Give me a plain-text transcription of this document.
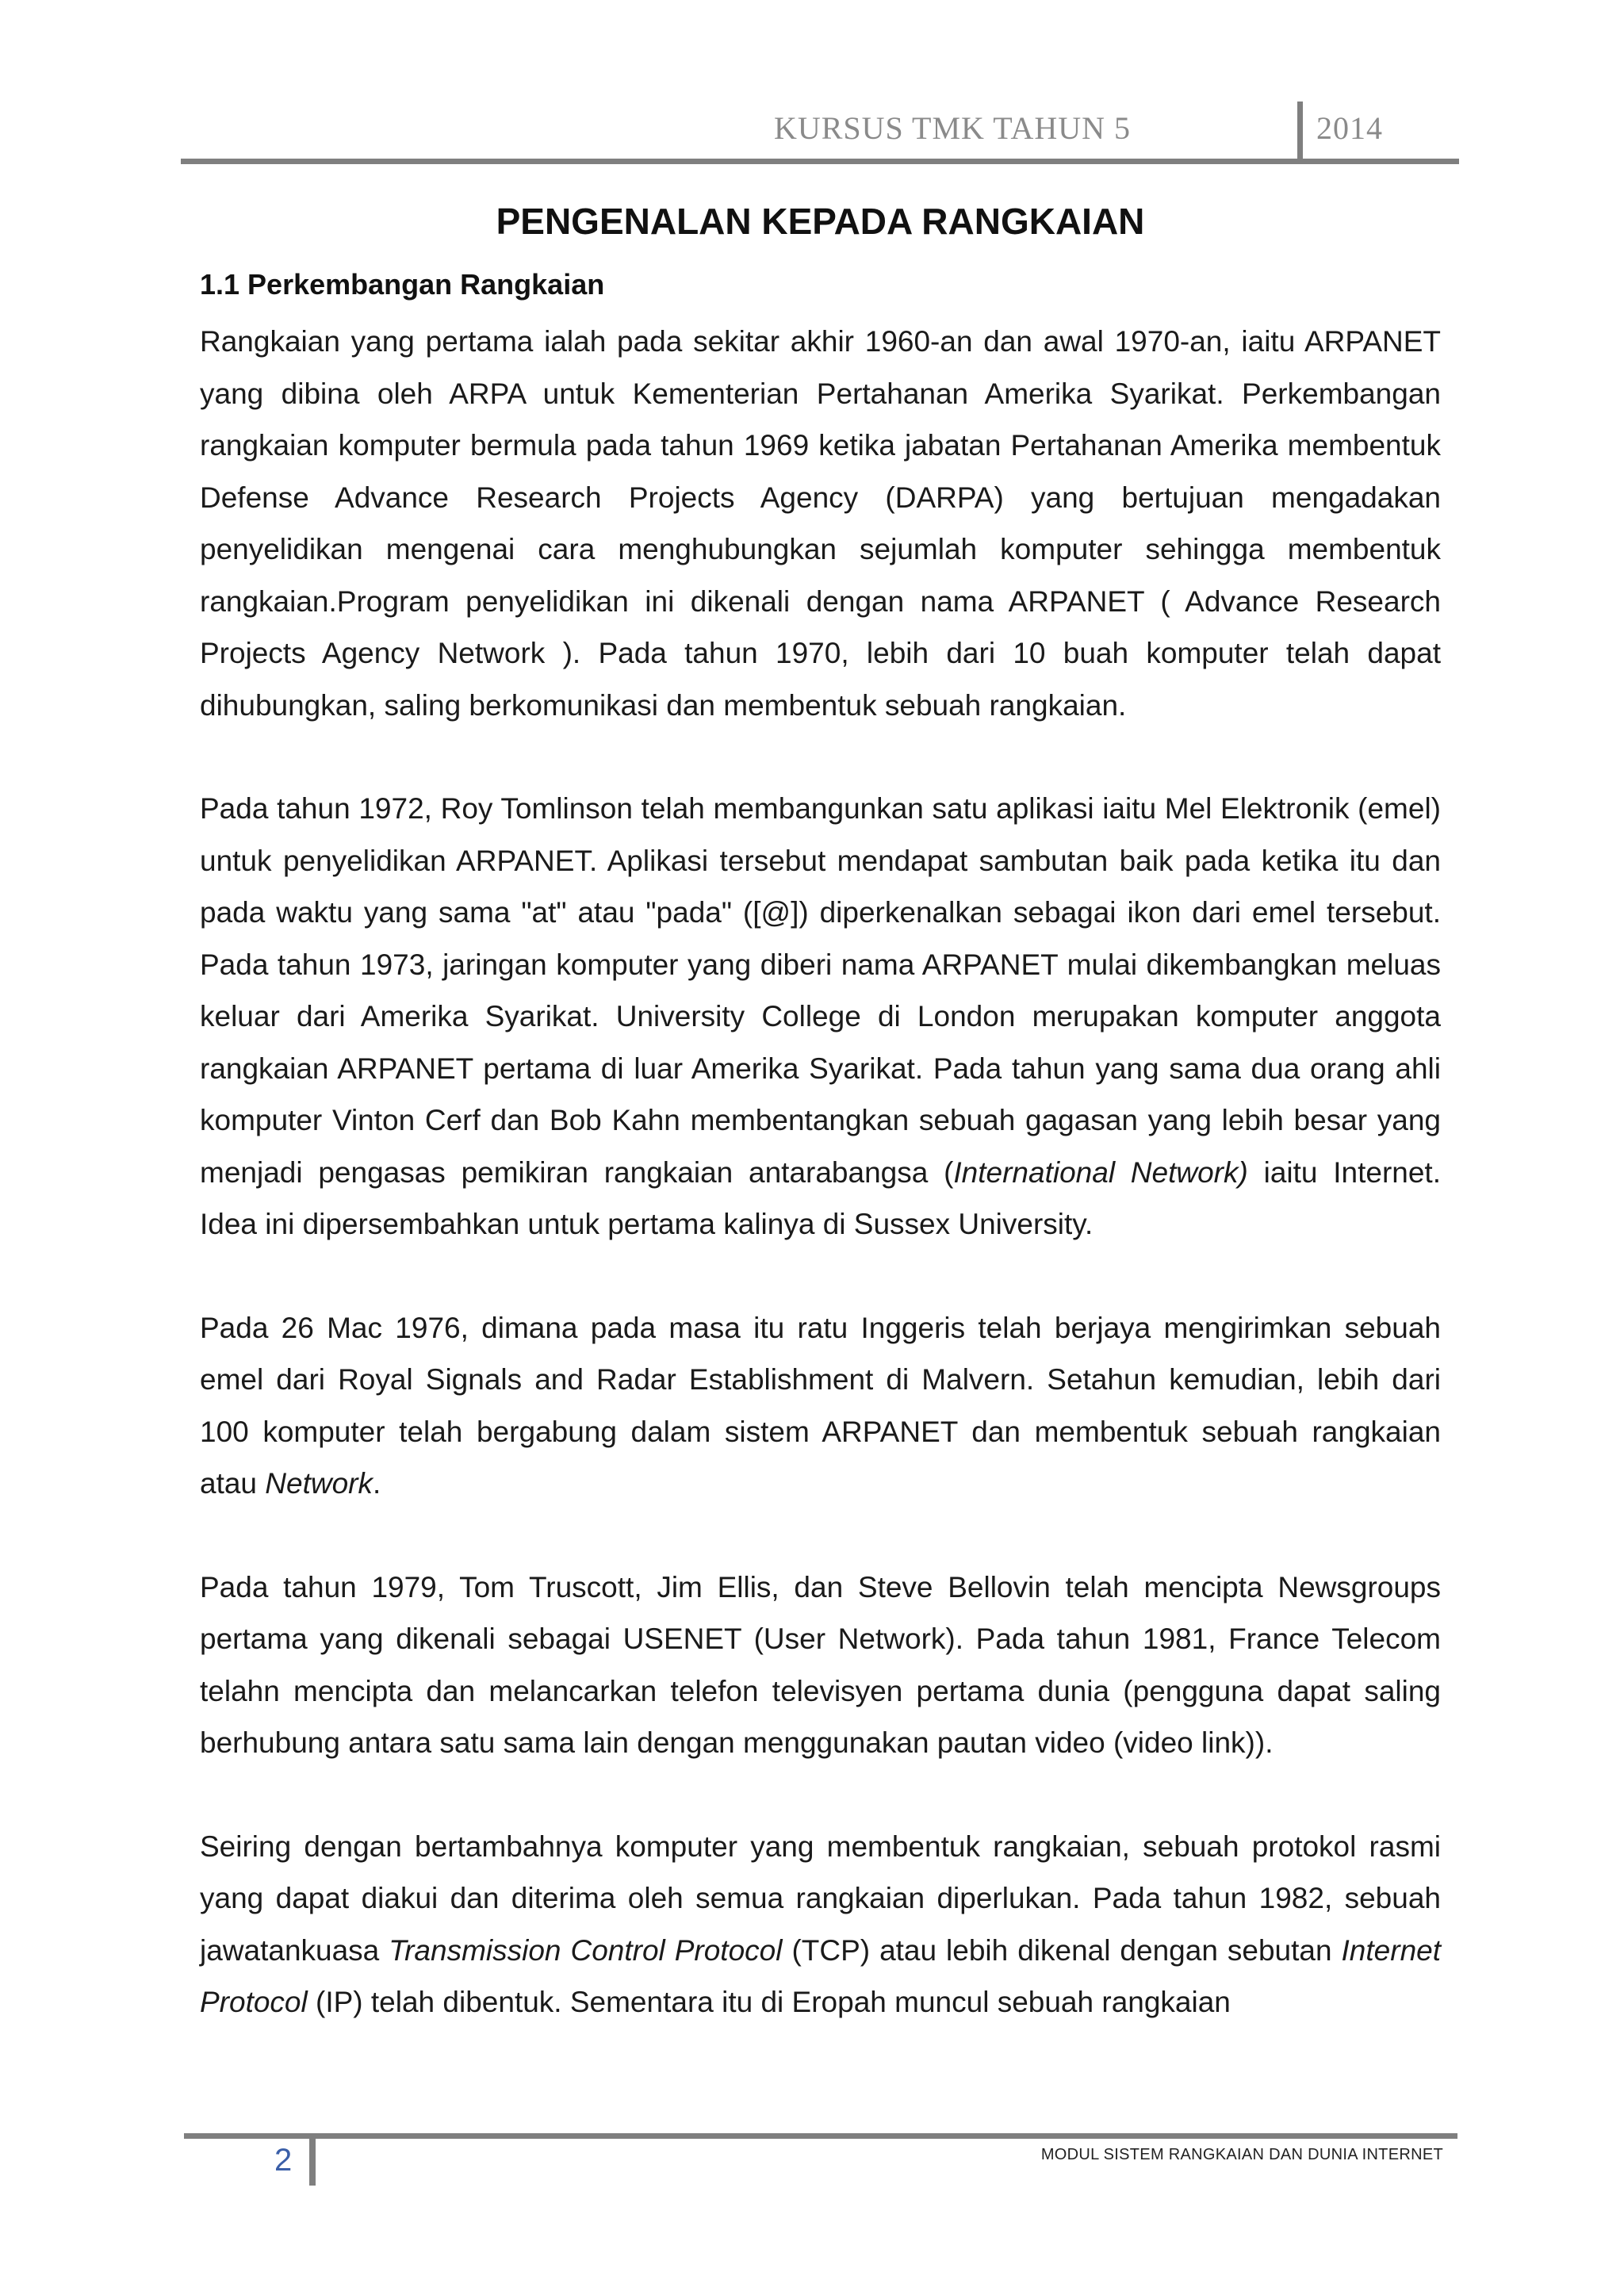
KURSUS TMK TAHUN 5	2014
PENGENALAN KEPADA RANGKAIAN
1.1 Perkembangan Rangkaian

Rangkaian yang pertama ialah pada sekitar akhir 1960-an dan awal 1970-an, iaitu ARPANET yang dibina oleh ARPA untuk Kementerian Pertahanan Amerika Syarikat. Perkembangan rangkaian komputer bermula pada tahun 1969 ketika jabatan Pertahanan Amerika membentuk Defense Advance Research Projects Agency (DARPA) yang bertujuan mengadakan penyelidikan mengenai cara menghubungkan sejumlah komputer sehingga membentuk rangkaian.Program penyelidikan ini dikenali dengan nama ARPANET ( Advance Research Projects Agency Network ). Pada tahun 1970, lebih dari 10 buah komputer telah dapat dihubungkan, saling berkomunikasi dan membentuk sebuah rangkaian.

Pada tahun 1972, Roy Tomlinson telah membangunkan satu aplikasi iaitu Mel Elektronik (emel) untuk penyelidikan ARPANET. Aplikasi tersebut mendapat sambutan baik pada ketika itu dan pada waktu yang sama "at" atau "pada" ([@]) diperkenalkan sebagai ikon dari emel tersebut. Pada tahun 1973, jaringan komputer yang diberi nama ARPANET mulai dikembangkan meluas keluar dari Amerika Syarikat. University College di London merupakan komputer anggota rangkaian ARPANET pertama di luar Amerika Syarikat. Pada tahun yang sama dua orang ahli komputer Vinton Cerf dan Bob Kahn membentangkan sebuah gagasan yang lebih besar yang menjadi pengasas pemikiran rangkaian antarabangsa (International Network) iaitu Internet. Idea ini dipersembahkan untuk pertama kalinya di Sussex University.

Pada 26 Mac 1976, dimana pada masa itu ratu Inggeris telah berjaya mengirimkan sebuah emel dari Royal Signals and Radar Establishment di Malvern. Setahun kemudian, lebih dari 100 komputer telah bergabung dalam sistem ARPANET dan membentuk sebuah rangkaian atau Network.

Pada tahun 1979, Tom Truscott, Jim Ellis, dan Steve Bellovin telah mencipta Newsgroups pertama yang dikenali sebagai USENET (User Network). Pada tahun 1981, France Telecom telahn mencipta dan melancarkan telefon televisyen pertama dunia (pengguna dapat saling berhubung antara satu sama lain dengan menggunakan pautan video (video link)).

Seiring dengan bertambahnya komputer yang membentuk rangkaian, sebuah protokol rasmi yang dapat diakui dan diterima oleh semua rangkaian diperlukan. Pada tahun 1982, sebuah jawatankuasa Transmission Control Protocol (TCP) atau lebih dikenal dengan sebutan Internet Protocol (IP) telah dibentuk. Sementara itu di Eropah muncul sebuah rangkaian

2	MODUL SISTEM RANGKAIAN DAN DUNIA INTERNET
